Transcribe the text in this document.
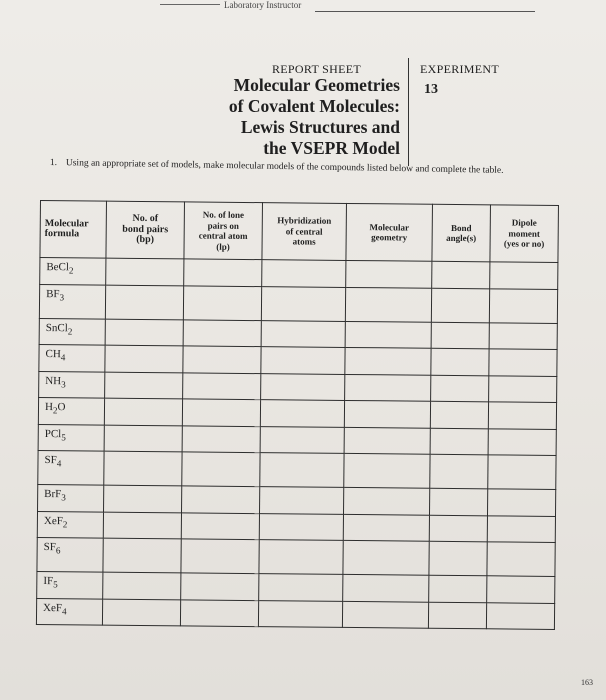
Laboratory Instructor
REPORT SHEET	EXPERIMENT
13
Molecular Geometries
of Covalent Molecules:
Lewis Structures and
the VSEPR Model
1. Using an appropriate set of models, make molecular models of the compounds listed below and complete the table.
Molecular
formula	No. of
bond pairs
(bp)	No. of lone
pairs on
central atom
(lp)	Hybridization
of central
atoms	Molecular
geometry	Bond
angle(s)	Dipole
moment
(yes or no)
BeCl$_2$						
$BF_3$						
SnCl$_2$						
$CH_4$						
$NH_3$						
$H_2O$						
PCl$_5$						
$SF_4$						
BrF$_3$						
XeF$_2$						
$SF_6$						
$IF_5$						
XeF$_4$						
163
